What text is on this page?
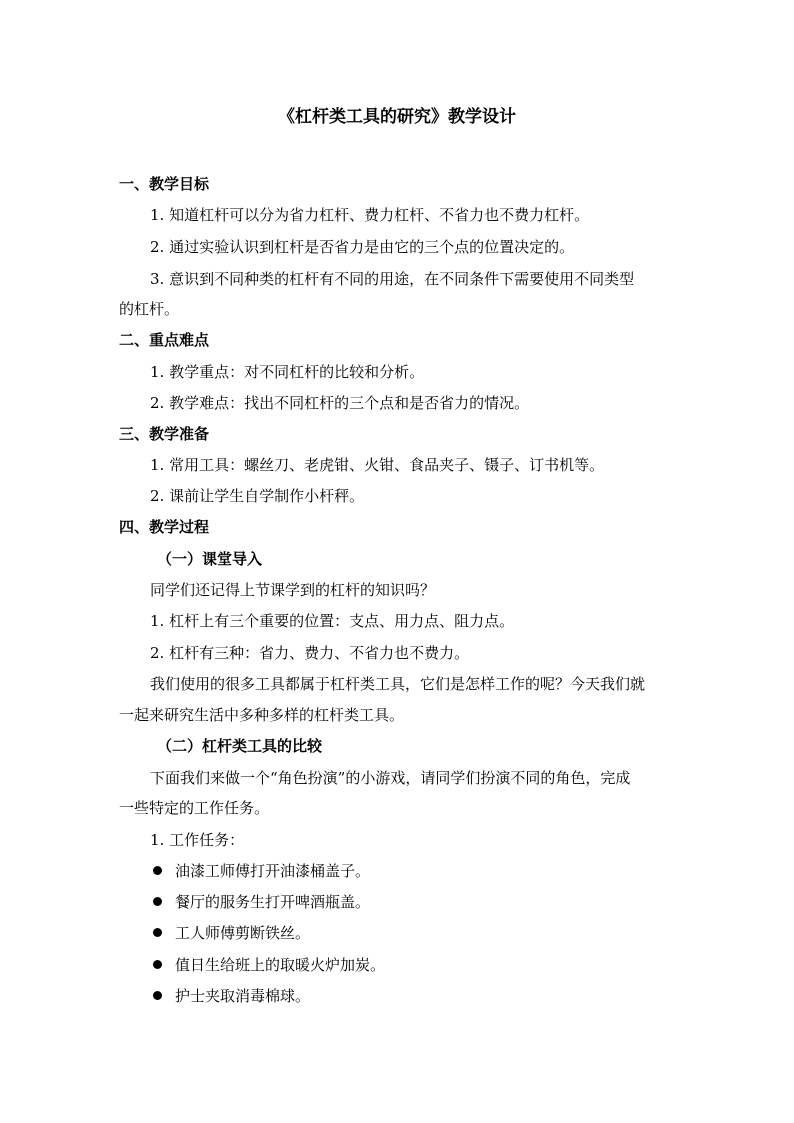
《杠杆类工具的研究》教学设计

一、教学目标

1. 知道杠杆可以分为省力杠杆、费力杠杆、不省力也不费力杠杆。

2. 通过实验认识到杠杆是否省力是由它的三个点的位置决定的。

3. 意识到不同种类的杠杆有不同的用途，在不同条件下需要使用不同类型

的杠杆。

二、重点难点

1. 教学重点：对不同杠杆的比较和分析。

2. 教学难点：找出不同杠杆的三个点和是否省力的情况。

三、教学准备

1. 常用工具：螺丝刀、老虎钳、火钳、食品夹子、镊子、订书机等。

2. 课前让学生自学制作小杆秤。

四、教学过程

（一）课堂导入

同学们还记得上节课学到的杠杆的知识吗？

1. 杠杆上有三个重要的位置：支点、用力点、阻力点。

2. 杠杆有三种：省力、费力、不省力也不费力。

我们使用的很多工具都属于杠杆类工具，它们是怎样工作的呢？今天我们就

一起来研究生活中多种多样的杠杆类工具。

（二）杠杆类工具的比较

下面我们来做一个“角色扮演”的小游戏，请同学们扮演不同的角色，完成

一些特定的工作任务。

1. 工作任务：

油漆工师傅打开油漆桶盖子。
餐厅的服务生打开啤酒瓶盖。
工人师傅剪断铁丝。
值日生给班上的取暖火炉加炭。
护士夹取消毒棉球。
